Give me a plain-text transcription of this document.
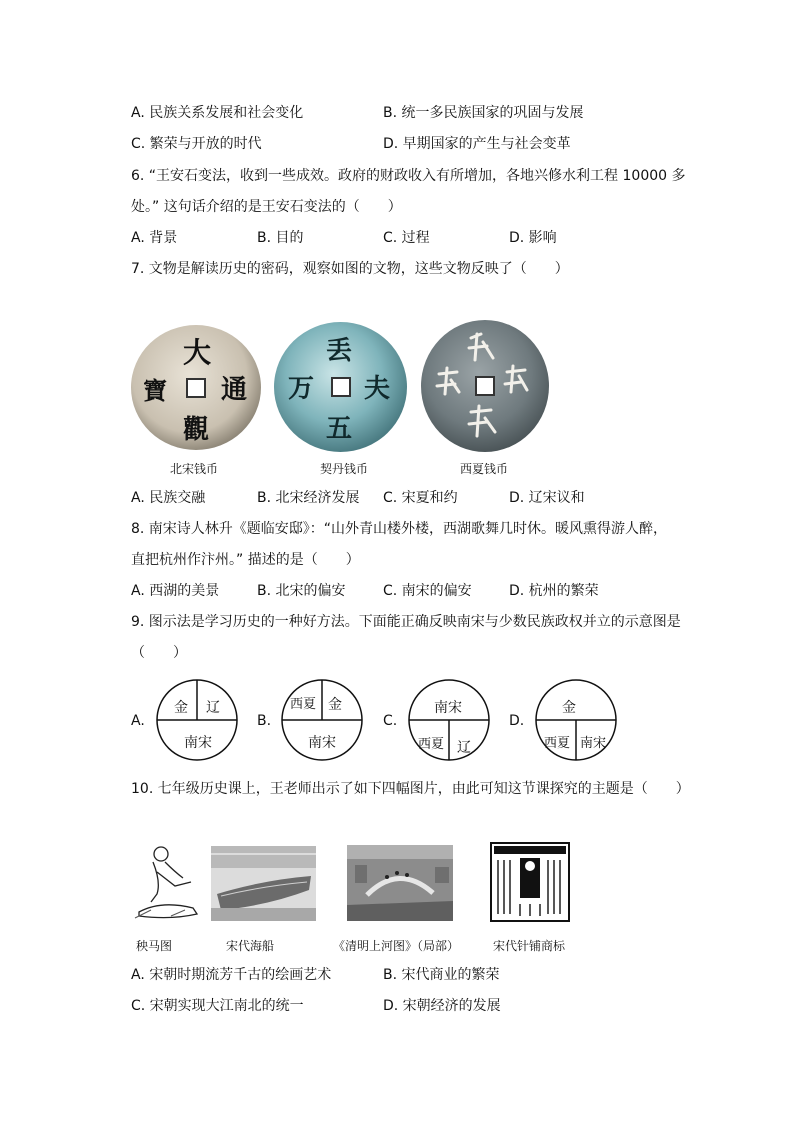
A. 民族关系发展和社会变化	B. 统一多民族国家的巩固与发展
C. 繁荣与开放的时代	D. 早期国家的产生与社会变革
6. “王安石变法，收到一些成效。政府的财政收入有所增加，各地兴修水利工程 10000 多
处。” 这句话介绍的是王安石变法的（　　）
A. 背景	B. 目的	C. 过程	D. 影响
7. 文物是解读历史的密码，观察如图的文物，这些文物反映了（　　）
大
通
觀
寶
北宋钱币
丢
夫
五
万
契丹钱币	西夏钱币
A. 民族交融	B. 北宋经济发展 C. 宋夏和约	D. 辽宋议和
8. 南宋诗人林升《题临安邸》：“山外青山楼外楼，西湖歌舞几时休。暖风熏得游人醉，
直把杭州作汴州。” 描述的是（　　）
A. 西湖的美景	B. 北宋的偏安	C. 南宋的偏安	D. 杭州的繁荣
9. 图示法是学习历史的一种好方法。下面能正确反映南宋与少数民族政权并立的示意图是
（　　）
A.
金 辽
南宋
B.
西夏 金
南宋
C.
南宋
西夏 辽
D.
金
西夏 南宋
10. 七年级历史课上，王老师出示了如下四幅图片，由此可知这节课探究的主题是（　　）
秧马图	宋代海船	《清明上河图》（局部）	宋代针铺商标
A. 宋朝时期流芳千古的绘画艺术	B. 宋代商业的繁荣
C. 宋朝实现大江南北的统一	D. 宋朝经济的发展
